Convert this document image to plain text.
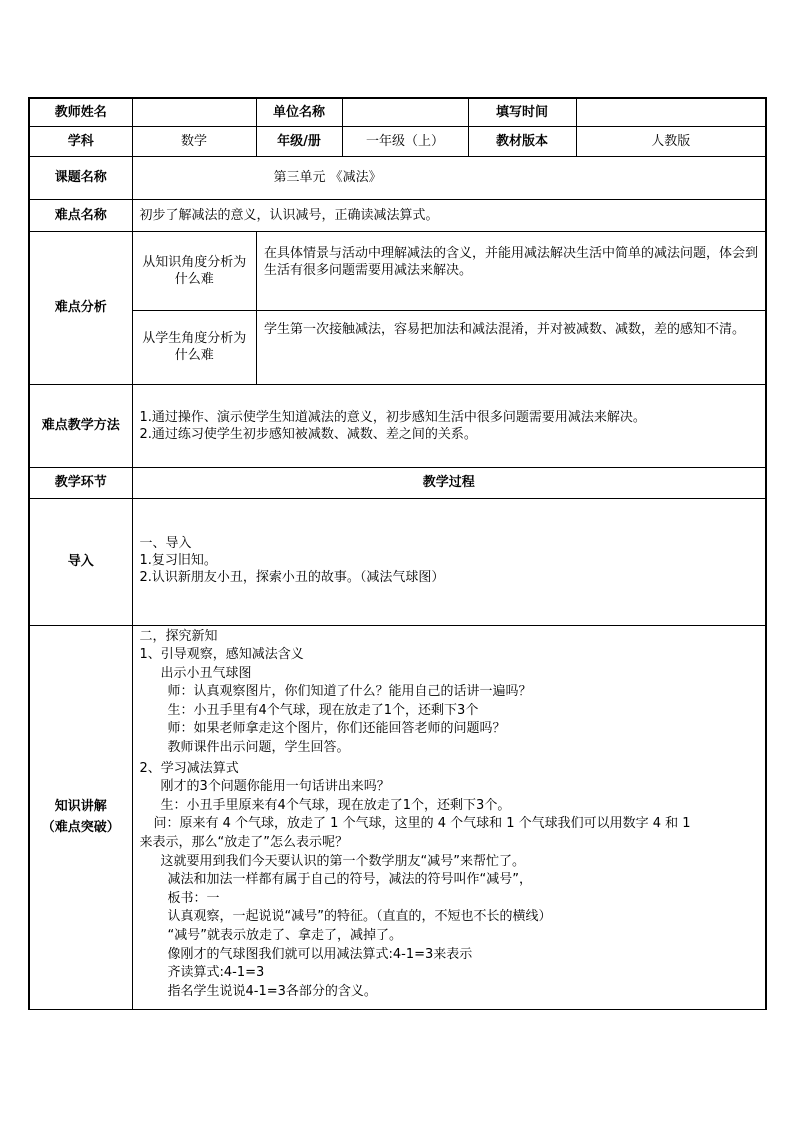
教师姓名		单位名称		填写时间	
学科	数学	年级/册	一年级（上）	教材版本	人教版
课题名称	第三单元 《减法》
难点名称	初步了解减法的意义，认识减号，正确读减法算式。
难点分析	
从知识角度分析为什么难	在具体情景与活动中理解减法的含义，并能用减法解决生活中简单的减法问题，体会到生活有很多问题需要用减法来解决。
从学生角度分析为什么难	学生第一次接触减法，容易把加法和减法混淆，并对被减数、减数，差的感知不清。

难点教学方法	
1.通过操作、演示使学生知道减法的意义，初步感知生活中很多问题需要用减法来解决。
2.通过练习使学生初步感知被减数、减数、差之间的关系。

教学环节	教学过程
导入	
一、导入
1.复习旧知。
2.认识新朋友小丑，探索小丑的故事。（减法气球图）

知识讲解
（难点突破）

二，探究新知
1、引导观察，感知减法含义
出示小丑气球图
师：认真观察图片，你们知道了什么？能用自己的话讲一遍吗？
生：小丑手里有4个气球，现在放走了1个，还剩下3个
师：如果老师拿走这个图片，你们还能回答老师的问题吗？
教师课件出示问题，学生回答。
2、学习减法算式
刚才的3个问题你能用一句话讲出来吗？
生：小丑手里原来有4个气球，现在放走了1个，还剩下3个。
问：原来有 4 个气球，放走了 1 个气球，这里的 4 个气球和 1 个气球我们可以用数字 4 和 1
来表示，那么“放走了”怎么表示呢？
这就要用到我们今天要认识的第一个数学朋友“减号”来帮忙了。
减法和加法一样都有属于自己的符号，减法的符号叫作“减号”，
板书：一
认真观察，一起说说“减号”的特征。（直直的，不短也不长的横线）
“减号”就表示放走了、拿走了，减掉了。
像刚才的气球图我们就可以用减法算式:4-1=3来表示
齐读算式:4-1=3
指名学生说说4-1=3各部分的含义。
